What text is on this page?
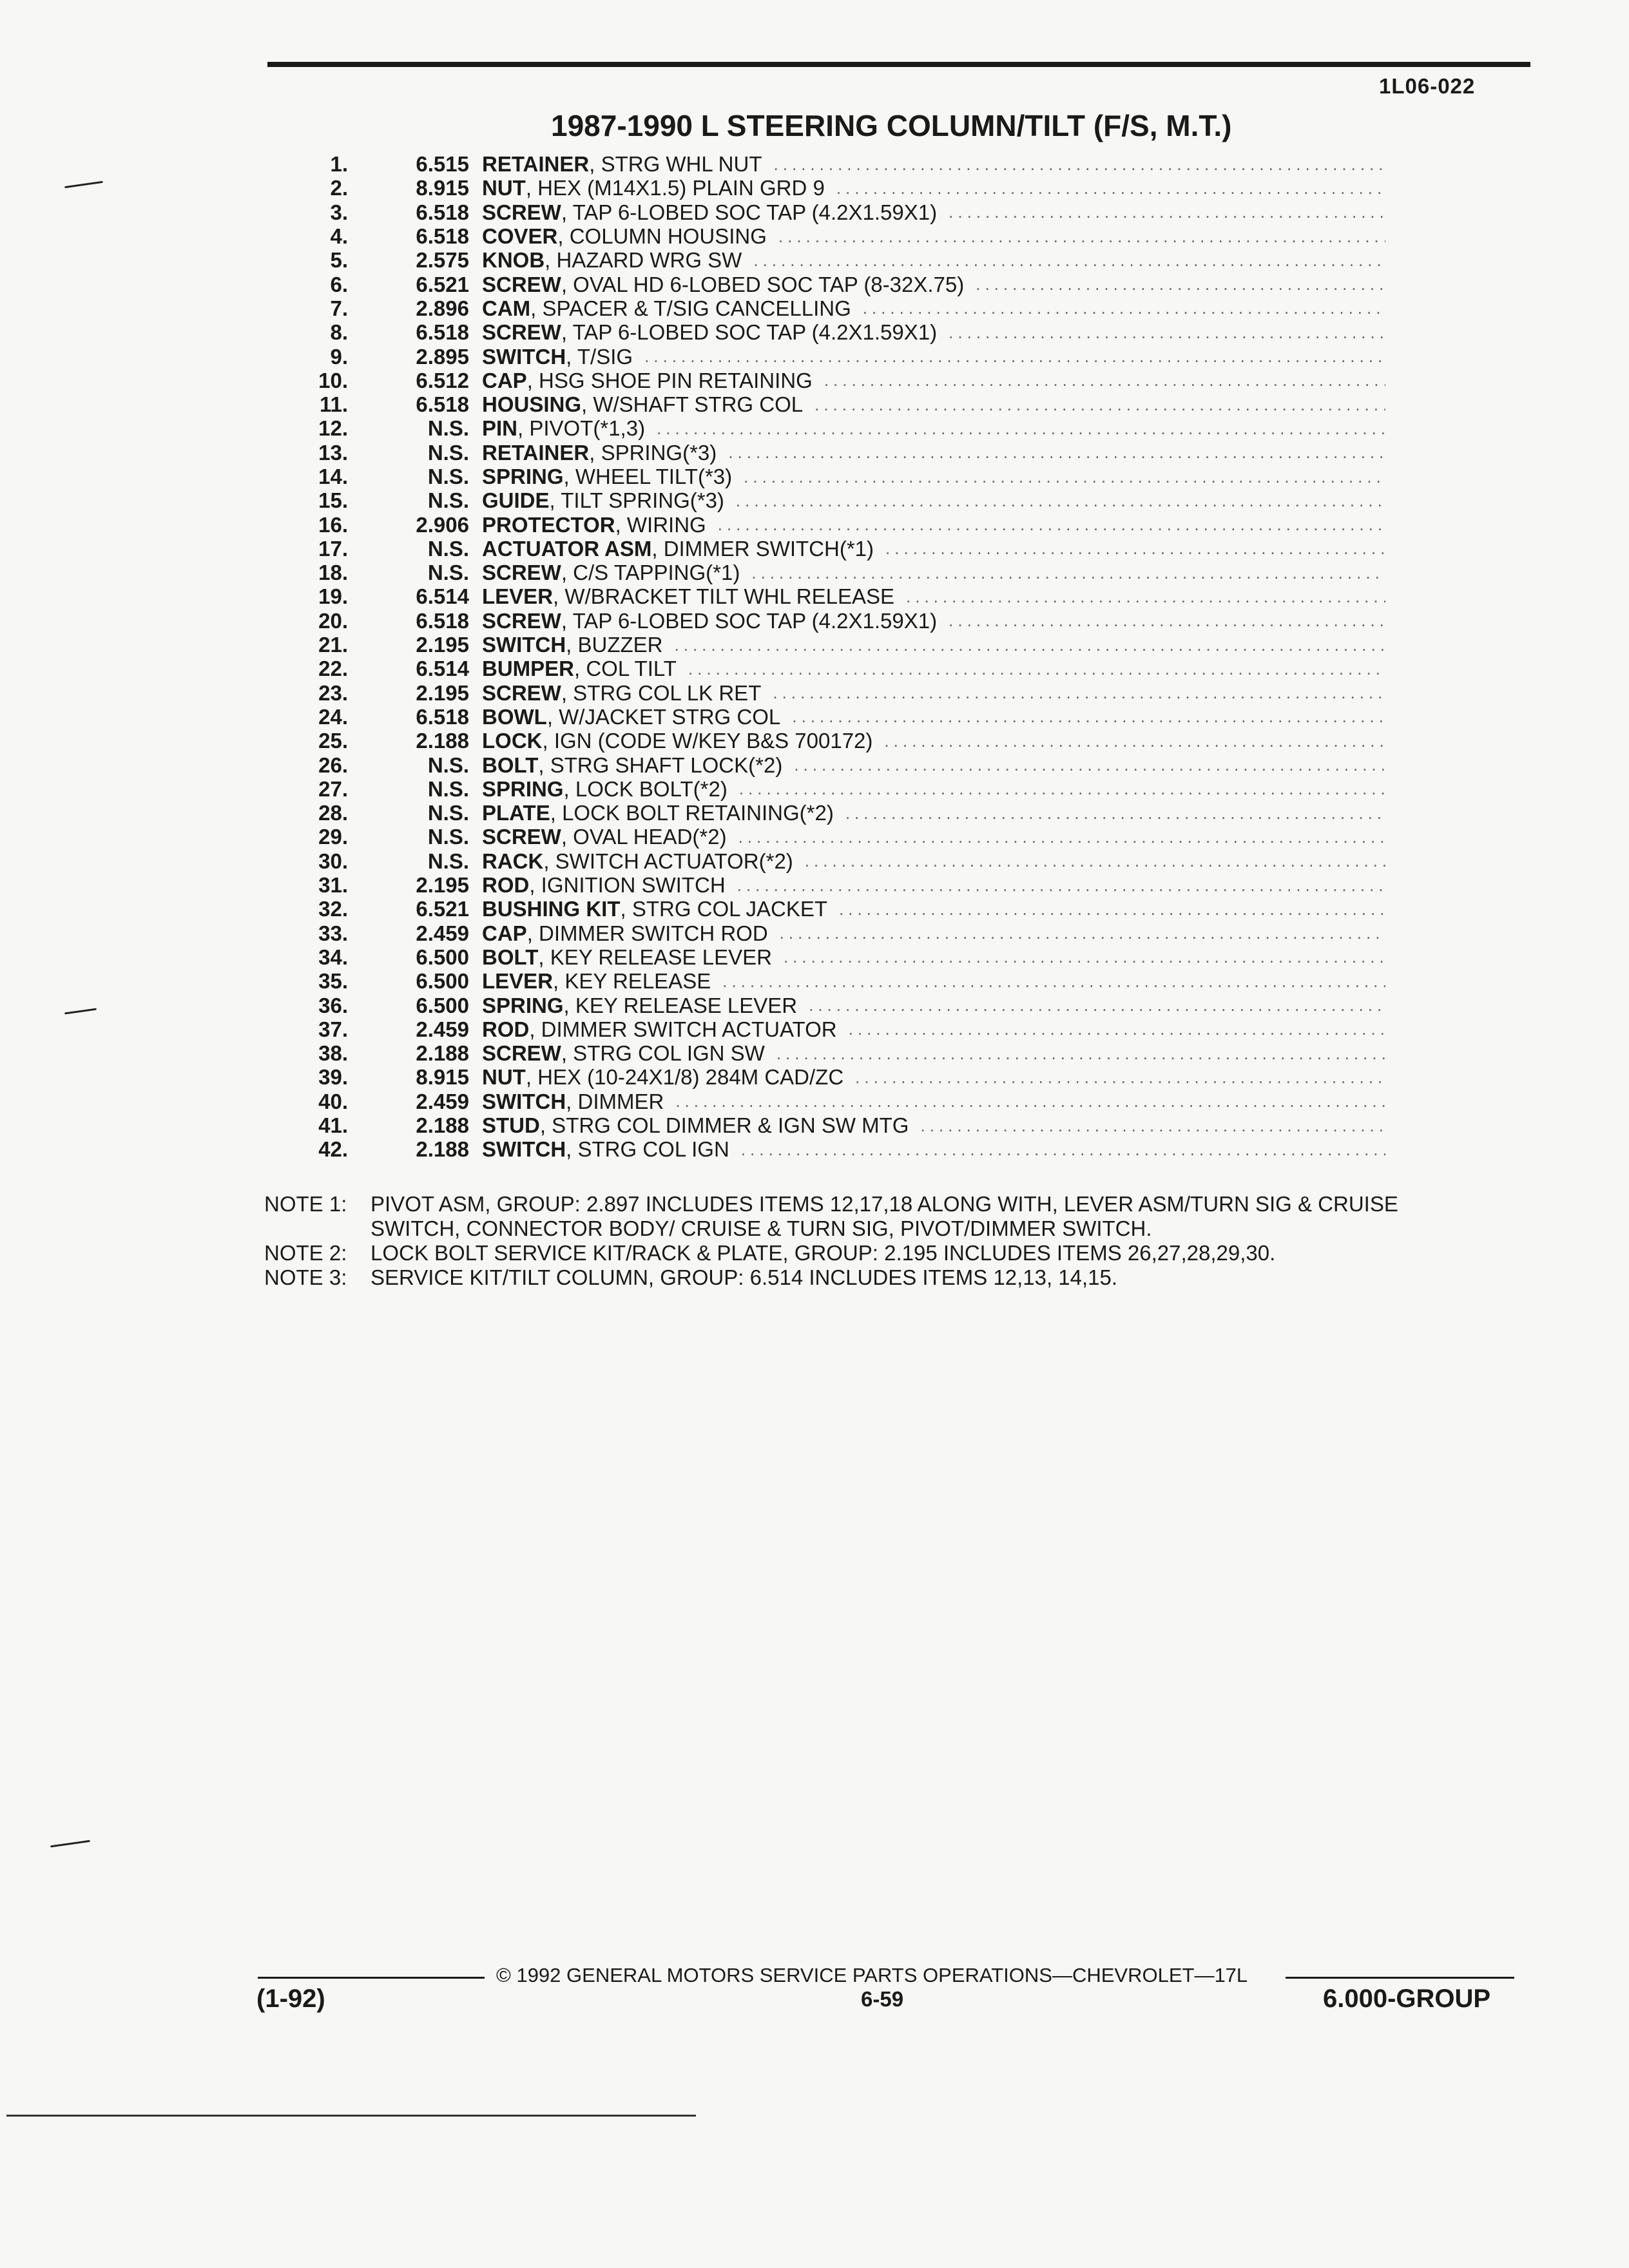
1L06-022
1987-1990 L STEERING COLUMN/TILT (F/S, M.T.)
1.	6.515 RETAINER , STRG WHL NUT
.....
2.	8.915 NUT , HEX (M14X1.5) PLAIN GRD 9
.....
3.	6.518 SCREW , TAP 6-LOBED SOC TAP (4.2X1.59X1)
.....
4.	6.518 COVER , COLUMN HOUSING
.....
5.	2.575 KNOB , HAZARD WRG SW
.....
6.	6.521 SCREW , OVAL HD 6-LOBED SOC TAP (8-32X.75)
.....
7.	2.896 CAM , SPACER & T/SIG CANCELLING
.....
8.	6.518 SCREW , TAP 6-LOBED SOC TAP (4.2X1.59X1)
.....
9.	2.895 SWITCH , T/SIG
.....
10.	6.512 CAP , HSG SHOE PIN RETAINING
.....
11.	6.518 HOUSING , W/SHAFT STRG COL
.....
12.	N.S. PIN , PIVOT(*1,3)
.....
13.	N.S. RETAINER , SPRING(*3)
.....
14.	N.S. SPRING , WHEEL TILT(*3)
.....
15.	N.S. GUIDE , TILT SPRING(*3)
.....
16.	2.906 PROTECTOR , WIRING
.....
17.	N.S. ACTUATOR ASM , DIMMER SWITCH(*1)
.....
18.	N.S. SCREW , C/S TAPPING(*1)
.....
19.	6.514 LEVER , W/BRACKET TILT WHL RELEASE
.....
20.	6.518 SCREW , TAP 6-LOBED SOC TAP (4.2X1.59X1)
.....
21.	2.195 SWITCH , BUZZER
.....
22.	6.514 BUMPER , COL TILT
.....
23.	2.195 SCREW , STRG COL LK RET
.....
24.	6.518 BOWL , W/JACKET STRG COL
.....
25.	2.188 LOCK , IGN (CODE W/KEY B&S 700172)
.....
26.	N.S. BOLT , STRG SHAFT LOCK(*2)
.....
27.	N.S. SPRING , LOCK BOLT(*2)
.....
28.	N.S. PLATE , LOCK BOLT RETAINING(*2)
.....
29.	N.S. SCREW , OVAL HEAD(*2)
.....
30.	N.S. RACK , SWITCH ACTUATOR(*2)
.....
31.	2.195 ROD , IGNITION SWITCH
.....
32.	6.521 BUSHING KIT , STRG COL JACKET
.....
33.	2.459 CAP , DIMMER SWITCH ROD
.....
34.	6.500 BOLT , KEY RELEASE LEVER
.....
35.	6.500 LEVER , KEY RELEASE
.....
36.	6.500 SPRING , KEY RELEASE LEVER
.....
37.	2.459 ROD , DIMMER SWITCH ACTUATOR
.....
38.	2.188 SCREW , STRG COL IGN SW
.....
39.	8.915 NUT , HEX (10-24X1/8) 284M CAD/ZC
.....
40.	2.459 SWITCH , DIMMER
.....
41.	2.188 STUD , STRG COL DIMMER & IGN SW MTG
.....
42.	2.188 SWITCH , STRG COL IGN
.....
NOTE 1:	PIVOT ASM, GROUP: 2.897 INCLUDES ITEMS 12,17,18 ALONG WITH, LEVER ASM/TURN SIG & CRUISE
SWITCH, CONNECTOR BODY/ CRUISE & TURN SIG, PIVOT/DIMMER SWITCH.
NOTE 2:	LOCK BOLT SERVICE KIT/RACK & PLATE, GROUP: 2.195 INCLUDES ITEMS 26,27,28,29,30.
NOTE 3:	SERVICE KIT/TILT COLUMN, GROUP: 6.514 INCLUDES ITEMS 12,13, 14,15.
© 1992 GENERAL MOTORS SERVICE PARTS OPERATIONS—CHEVROLET—17L
(1-92)	6-59	6.000-GROUP
